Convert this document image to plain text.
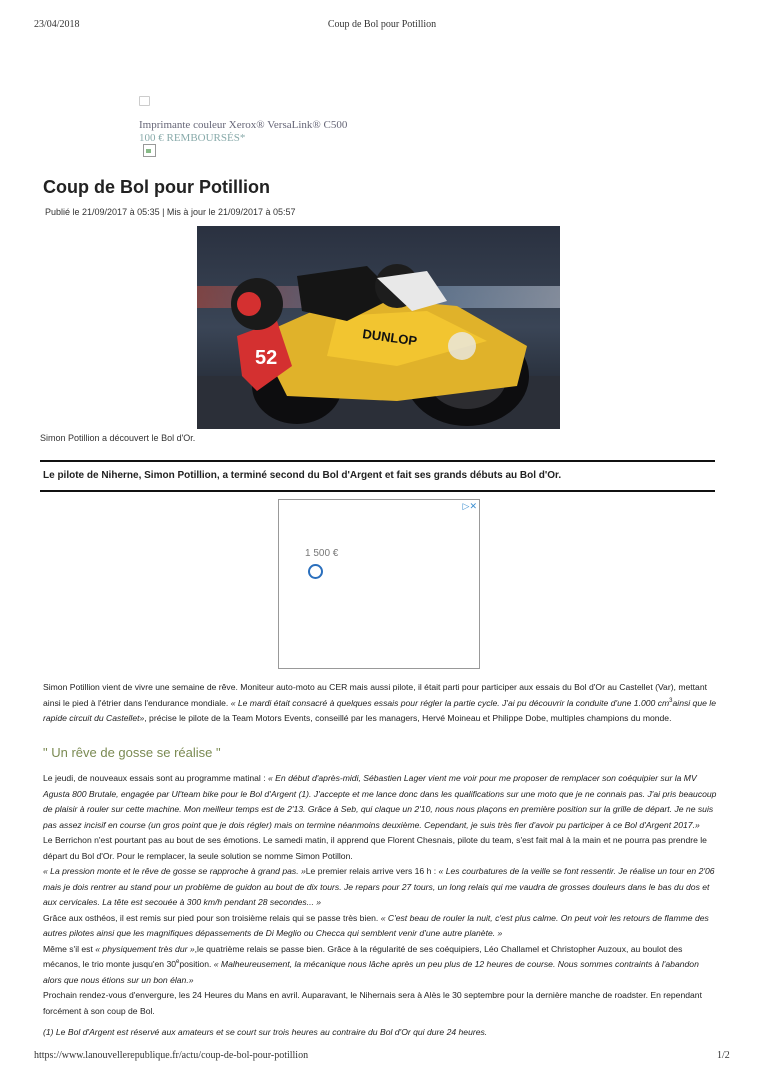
23/04/2018	Coup de Bol pour Potillion
Imprimante couleur Xerox® VersaLink® C500
100 € REMBOURSÉS*
Coup de Bol pour Potillion
Publié le 21/09/2017 à 05:35 | Mis à jour le 21/09/2017 à 05:57
DUNLOP
52
Simon Potillion a découvert le Bol d'Or.
Le pilote de Niherne, Simon Potillion, a terminé second du Bol d'Argent et fait ses grands débuts au Bol d'Or.
▷✕
1 500 €

Simon Potillion vient de vivre une semaine de rêve. Moniteur auto-moto au CER mais aussi pilote, il était parti pour participer aux essais du Bol d'Or au Castellet (Var), mettant ainsi le pied à l'étrier dans l'endurance mondiale. « Le mardi était consacré à quelques essais pour régler la partie cycle. J'ai pu découvrir la conduite d'une 1.000 $cm^3ainsi$ que le rapide circuit du Castellet», précise le pilote de la Team Motors Events, conseillé par les managers, Hervé Moineau et Philippe Dobe, multiples champions du monde.

" Un rêve de gosse se réalise "

Le jeudi, de nouveaux essais sont au programme matinal : « En début d'après-midi, Sébastien Lager vient me voir pour me proposer de remplacer son coéquipier sur la MV Agusta 800 Brutale, engagée par Ul'team bike pour le Bol d'Argent (1). J'accepte et me lance donc dans les qualifications sur une moto que je ne connais pas. J'ai pris beaucoup de plaisir à rouler sur cette machine. Mon meilleur temps est de 2'13. Grâce à Seb, qui claque un 2'10, nous nous plaçons en première position sur la grille de départ. Je ne suis pas assez incisif en course (un gros point que je dois régler) mais on termine néanmoins deuxième. Cependant, je suis très fier d'avoir pu participer à ce Bol d'Argent 2017.»

Le Berrichon n'est pourtant pas au bout de ses émotions. Le samedi matin, il apprend que Florent Chesnais, pilote du team, s'est fait mal à la main et ne pourra pas prendre le départ du Bol d'Or. Pour le remplacer, la seule solution se nomme Simon Potillon.

« La pression monte et le rêve de gosse se rapproche à grand pas. »Le premier relais arrive vers 16 h : « Les courbatures de la veille se font ressentir. Je réalise un tour en 2'06 mais je dois rentrer au stand pour un problème de guidon au bout de dix tours. Je repars pour 27 tours, un long relais qui me vaudra de grosses douleurs dans le bas du dos et aux cervicales. La tête est secouée à 300 km/h pendant 28 secondes... »

Grâce aux osthéos, il est remis sur pied pour son troisième relais qui se passe très bien. « C'est beau de rouler la nuit, c'est plus calme. On peut voir les retours de flamme des autres pilotes ainsi que les magnifiques dépassements de Di Meglio ou Checca qui semblent venir d'une autre planète. »

Même s'il est « physiquement très dur »,le quatrième relais se passe bien. Grâce à la régularité de ses coéquipiers, Léo Challamel et Christopher Auzoux, au boulot des mécanos, le trio monte jusqu'en 30eposition. « Malheureusement, la mécanique nous lâche après un peu plus de 12 heures de course. Nous sommes contraints à l'abandon alors que nous étions sur un bon élan.»

Prochain rendez-vous d'envergure, les 24 Heures du Mans en avril. Auparavant, le Nihernais sera à Alès le 30 septembre pour la dernière manche de roadster. En rependant forcément à son coup de Bol.

(1) Le Bol d'Argent est réservé aux amateurs et se court sur trois heures au contraire du Bol d'Or qui dure 24 heures.

https://www.lanouvellerepublique.fr/actu/coup-de-bol-pour-potillion	1/2
